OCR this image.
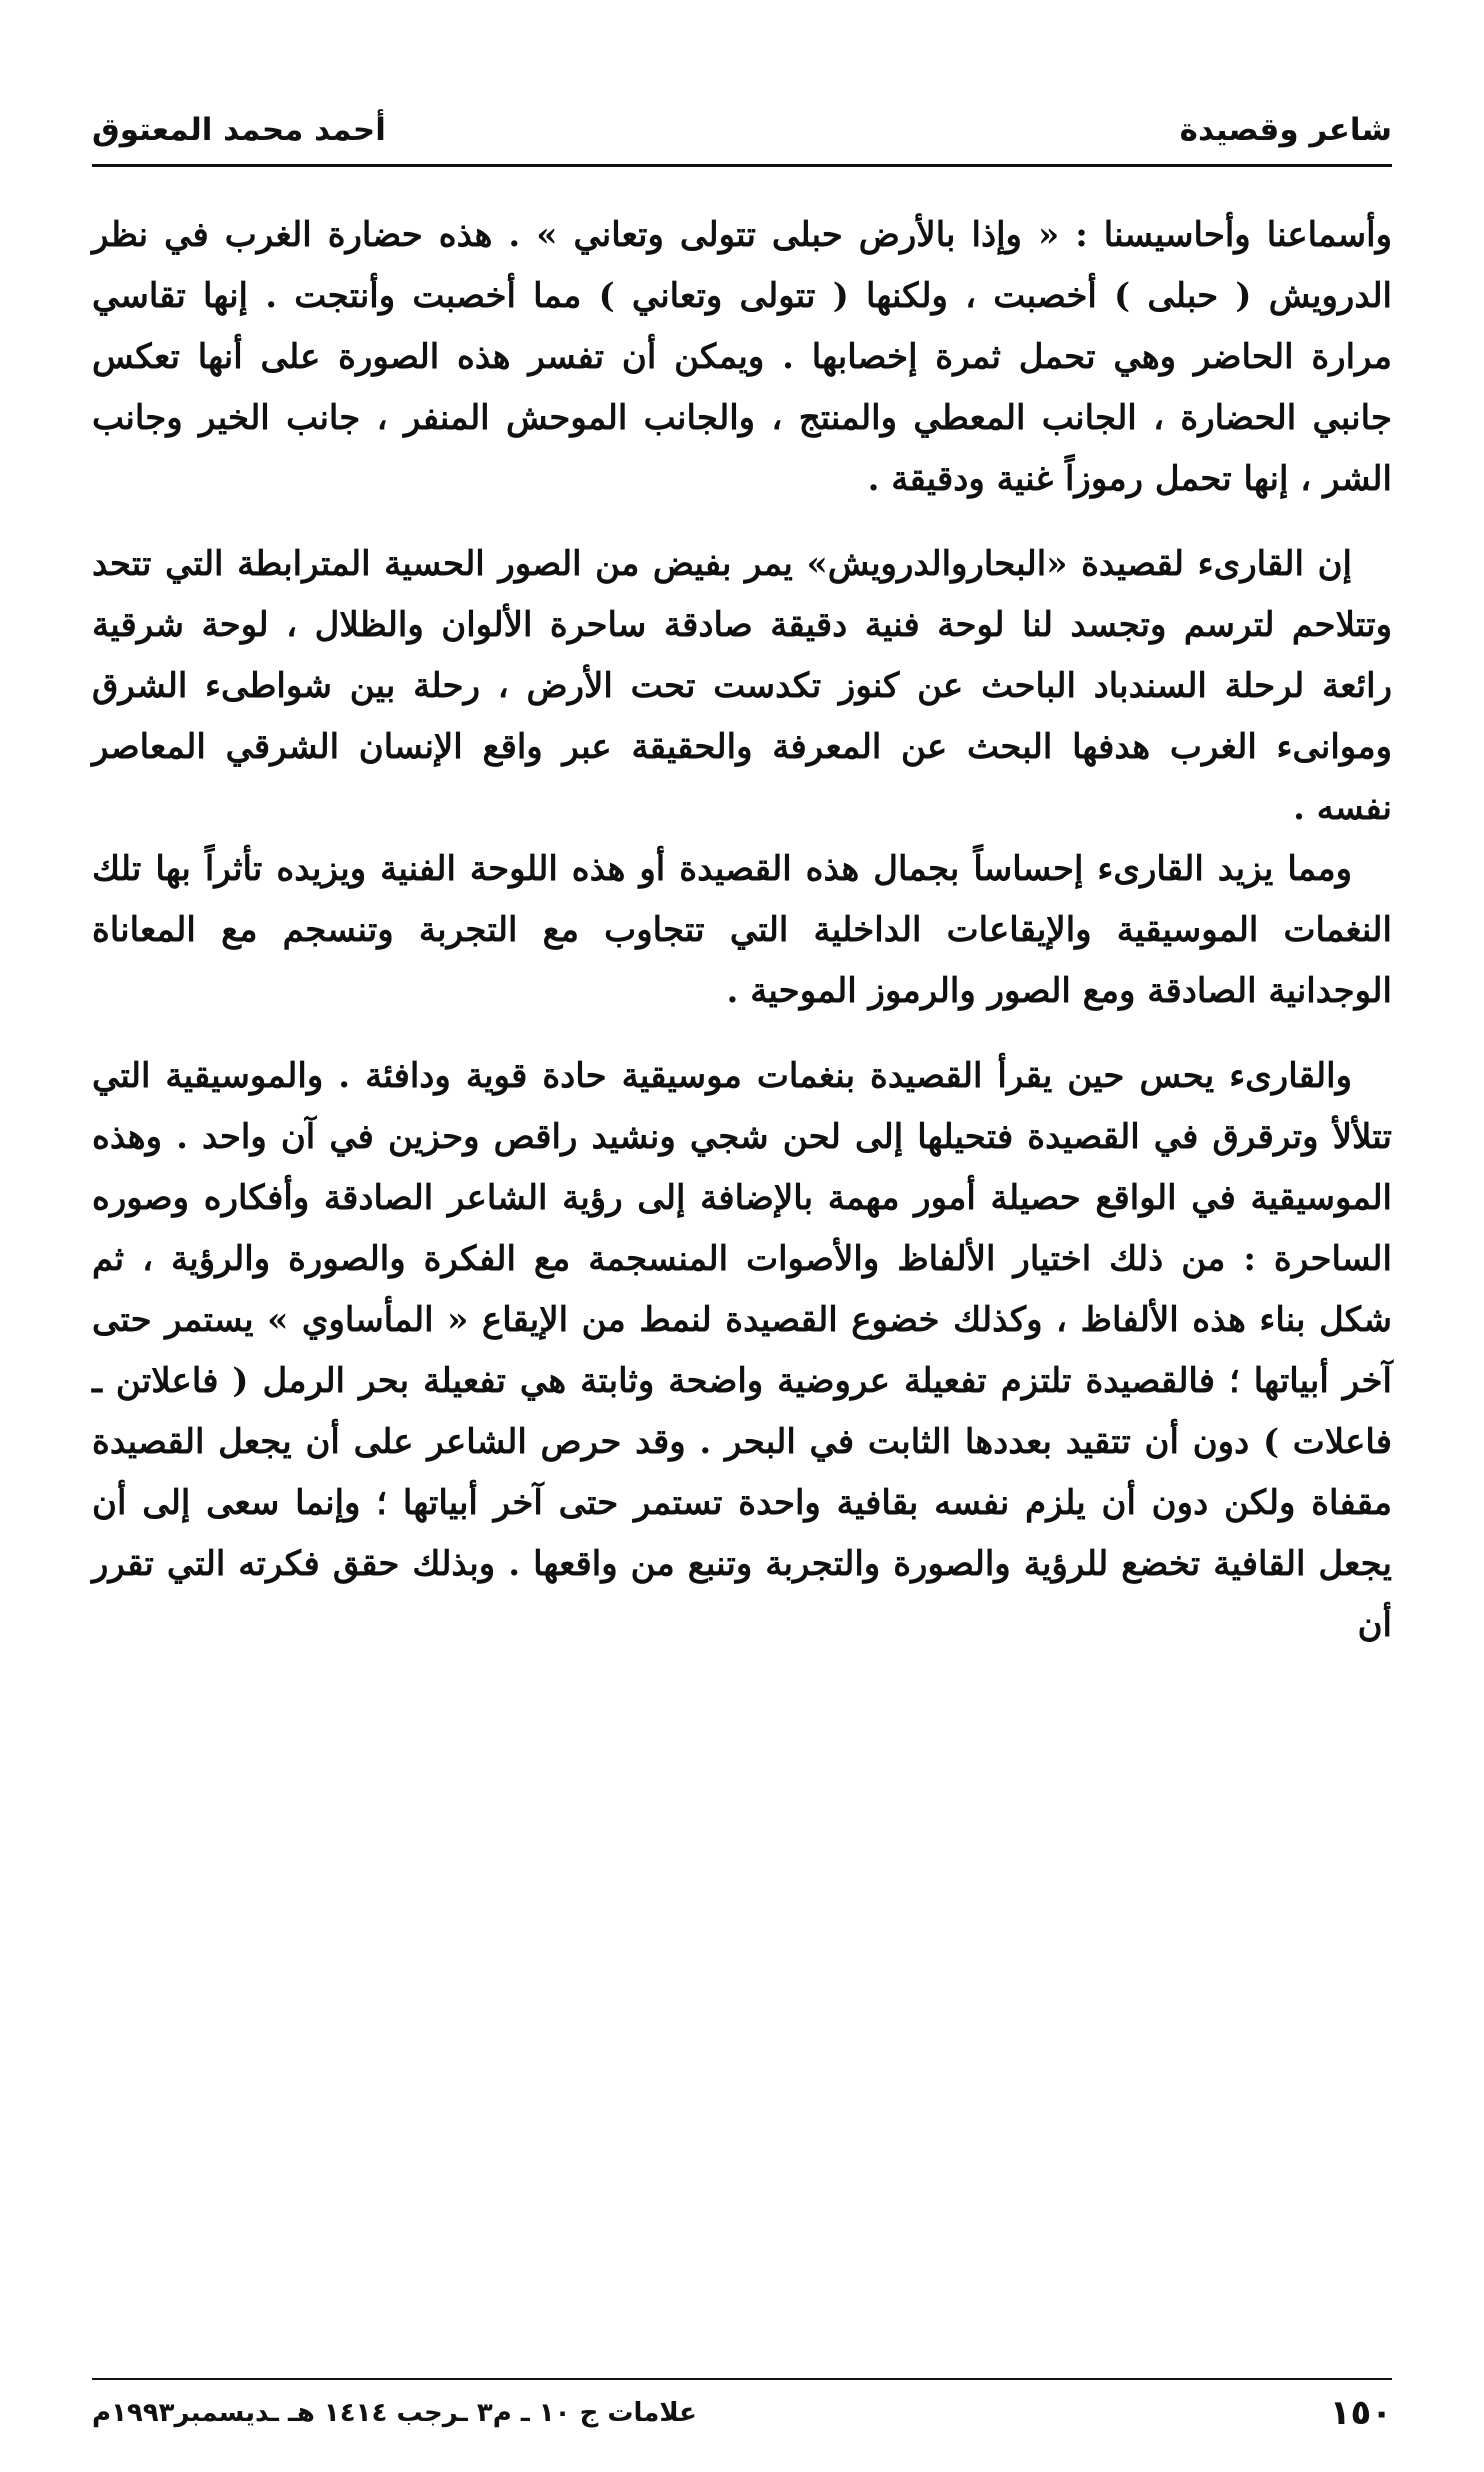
شاعر وقصيدة
أحمد محمد المعتوق

وأسماعنا وأحاسيسنا : « وإذا بالأرض حبلى تتولى وتعاني » . هذه حضارة الغرب في نظر الدرويش ( حبلى ) أخصبت ، ولكنها ( تتولى وتعاني ) مما أخصبت وأنتجت . إنها تقاسي مرارة الحاضر وهي تحمل ثمرة إخصابها . ويمكن أن تفسر هذه الصورة على أنها تعكس جانبي الحضارة ، الجانب المعطي والمنتج ، والجانب الموحش المنفر ، جانب الخير وجانب الشر ، إنها تحمل رموزاً غنية ودقيقة .

إن القارىء لقصيدة «البحاروالدرويش» يمر بفيض من الصور الحسية المترابطة التي تتحد وتتلاحم لترسم وتجسد لنا لوحة فنية دقيقة صادقة ساحرة الألوان والظلال ، لوحة شرقية رائعة لرحلة السندباد الباحث عن كنوز تكدست تحت الأرض ، رحلة بين شواطىء الشرق وموانىء الغرب هدفها البحث عن المعرفة والحقيقة عبر واقع الإنسان الشرقي المعاصر نفسه .

ومما يزيد القارىء إحساساً بجمال هذه القصيدة أو هذه اللوحة الفنية ويزيده تأثراً بها تلك النغمات الموسيقية والإيقاعات الداخلية التي تتجاوب مع التجربة وتنسجم مع المعاناة الوجدانية الصادقة ومع الصور والرموز الموحية .

والقارىء يحس حين يقرأ القصيدة بنغمات موسيقية حادة قوية ودافئة . والموسيقية التي تتلألأ وترقرق في القصيدة فتحيلها إلى لحن شجي ونشيد راقص وحزين في آن واحد . وهذه الموسيقية في الواقع حصيلة أمور مهمة بالإضافة إلى رؤية الشاعر الصادقة وأفكاره وصوره الساحرة : من ذلك اختيار الألفاظ والأصوات المنسجمة مع الفكرة والصورة والرؤية ، ثم شكل بناء هذه الألفاظ ، وكذلك خضوع القصيدة لنمط من الإيقاع « المأساوي » يستمر حتى آخر أبياتها ؛ فالقصيدة تلتزم تفعيلة عروضية واضحة وثابتة هي تفعيلة بحر الرمل ( فاعلاتن ـ فاعلات ) دون أن تتقيد بعددها الثابت في البحر . وقد حرص الشاعر على أن يجعل القصيدة مقفاة ولكن دون أن يلزم نفسه بقافية واحدة تستمر حتى آخر أبياتها ؛ وإنما سعى إلى أن يجعل القافية تخضع للرؤية والصورة والتجربة وتنبع من واقعها . وبذلك حقق فكرته التي تقرر أن

١٥٠
علامات ج ١٠ ـ م٣ ـرجب ١٤١٤ هـ ـديسمبر١٩٩٣م
